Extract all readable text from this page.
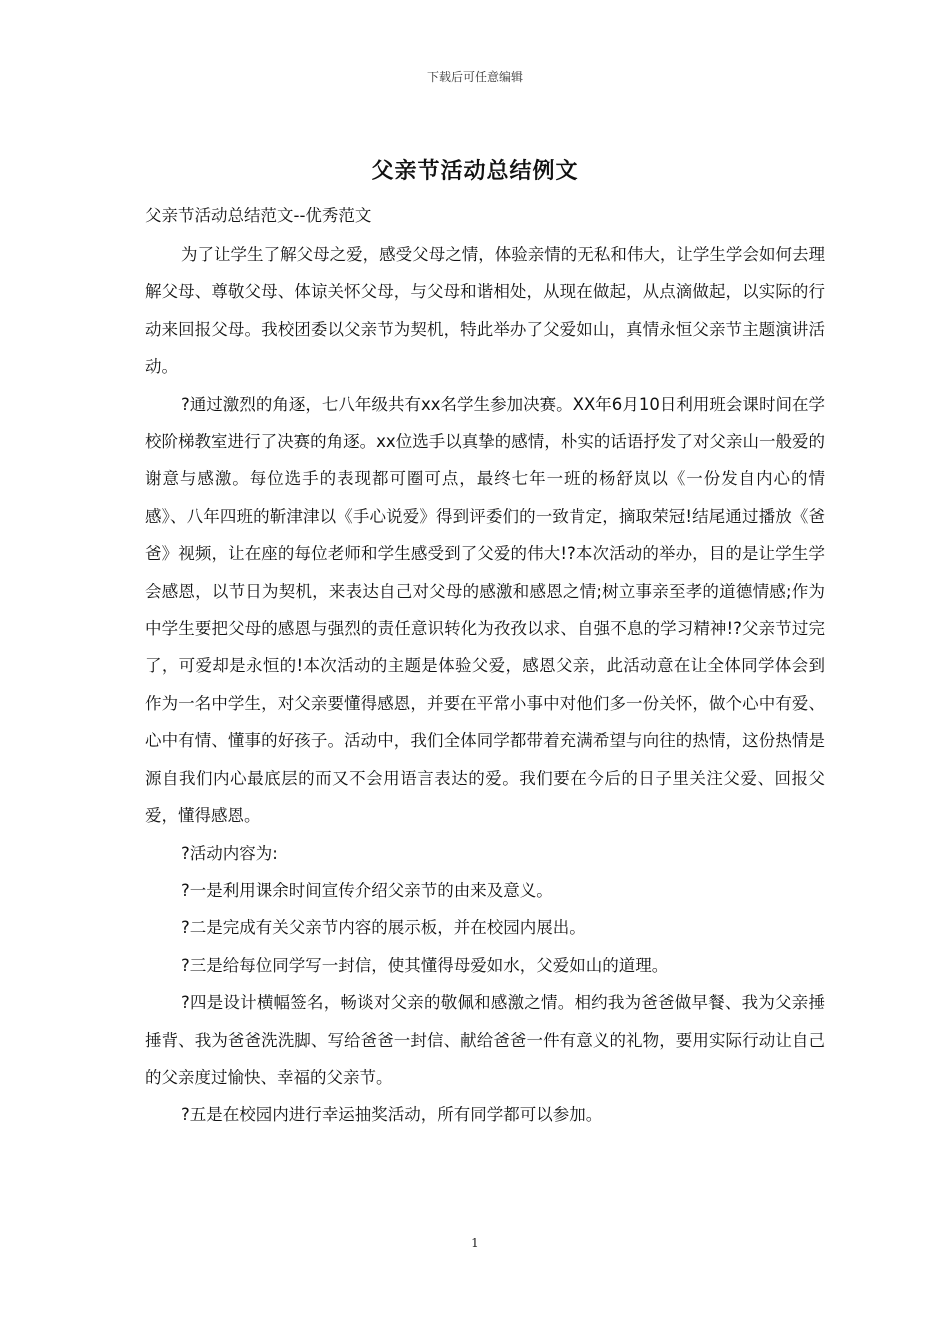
下载后可任意编辑
父亲节活动总结例文
父亲节活动总结范文--优秀范文

为了让学生了解父母之爱，感受父母之情，体验亲情的无私和伟大，让学生学会如何去理解父母、尊敬父母、体谅关怀父母，与父母和谐相处，从现在做起，从点滴做起，以实际的行动来回报父母。我校团委以父亲节为契机，特此举办了父爱如山，真情永恒父亲节主题演讲活动。

?通过激烈的角逐，七八年级共有xx名学生参加决赛。XX年6月10日利用班会课时间在学校阶梯教室进行了决赛的角逐。xx位选手以真挚的感情，朴实的话语抒发了对父亲山一般爱的谢意与感激。每位选手的表现都可圈可点，最终七年一班的杨舒岚以《一份发自内心的情感》、八年四班的靳津津以《手心说爱》得到评委们的一致肯定，摘取荣冠!结尾通过播放《爸爸》视频，让在座的每位老师和学生感受到了父爱的伟大!?本次活动的举办，目的是让学生学会感恩，以节日为契机，来表达自己对父母的感激和感恩之情;树立事亲至孝的道德情感;作为中学生要把父母的感恩与强烈的责任意识转化为孜孜以求、自强不息的学习精神!?父亲节过完了，可爱却是永恒的!本次活动的主题是体验父爱，感恩父亲，此活动意在让全体同学体会到作为一名中学生，对父亲要懂得感恩，并要在平常小事中对他们多一份关怀，做个心中有爱、心中有情、懂事的好孩子。活动中，我们全体同学都带着充满希望与向往的热情，这份热情是源自我们内心最底层的而又不会用语言表达的爱。我们要在今后的日子里关注父爱、回报父爱，懂得感恩。

?活动内容为:

?一是利用课余时间宣传介绍父亲节的由来及意义。

?二是完成有关父亲节内容的展示板，并在校园内展出。

?三是给每位同学写一封信，使其懂得母爱如水，父爱如山的道理。

?四是设计横幅签名，畅谈对父亲的敬佩和感激之情。相约我为爸爸做早餐、我为父亲捶捶背、我为爸爸洗洗脚、写给爸爸一封信、献给爸爸一件有意义的礼物，要用实际行动让自己的父亲度过愉快、幸福的父亲节。

?五是在校园内进行幸运抽奖活动，所有同学都可以参加。

1
